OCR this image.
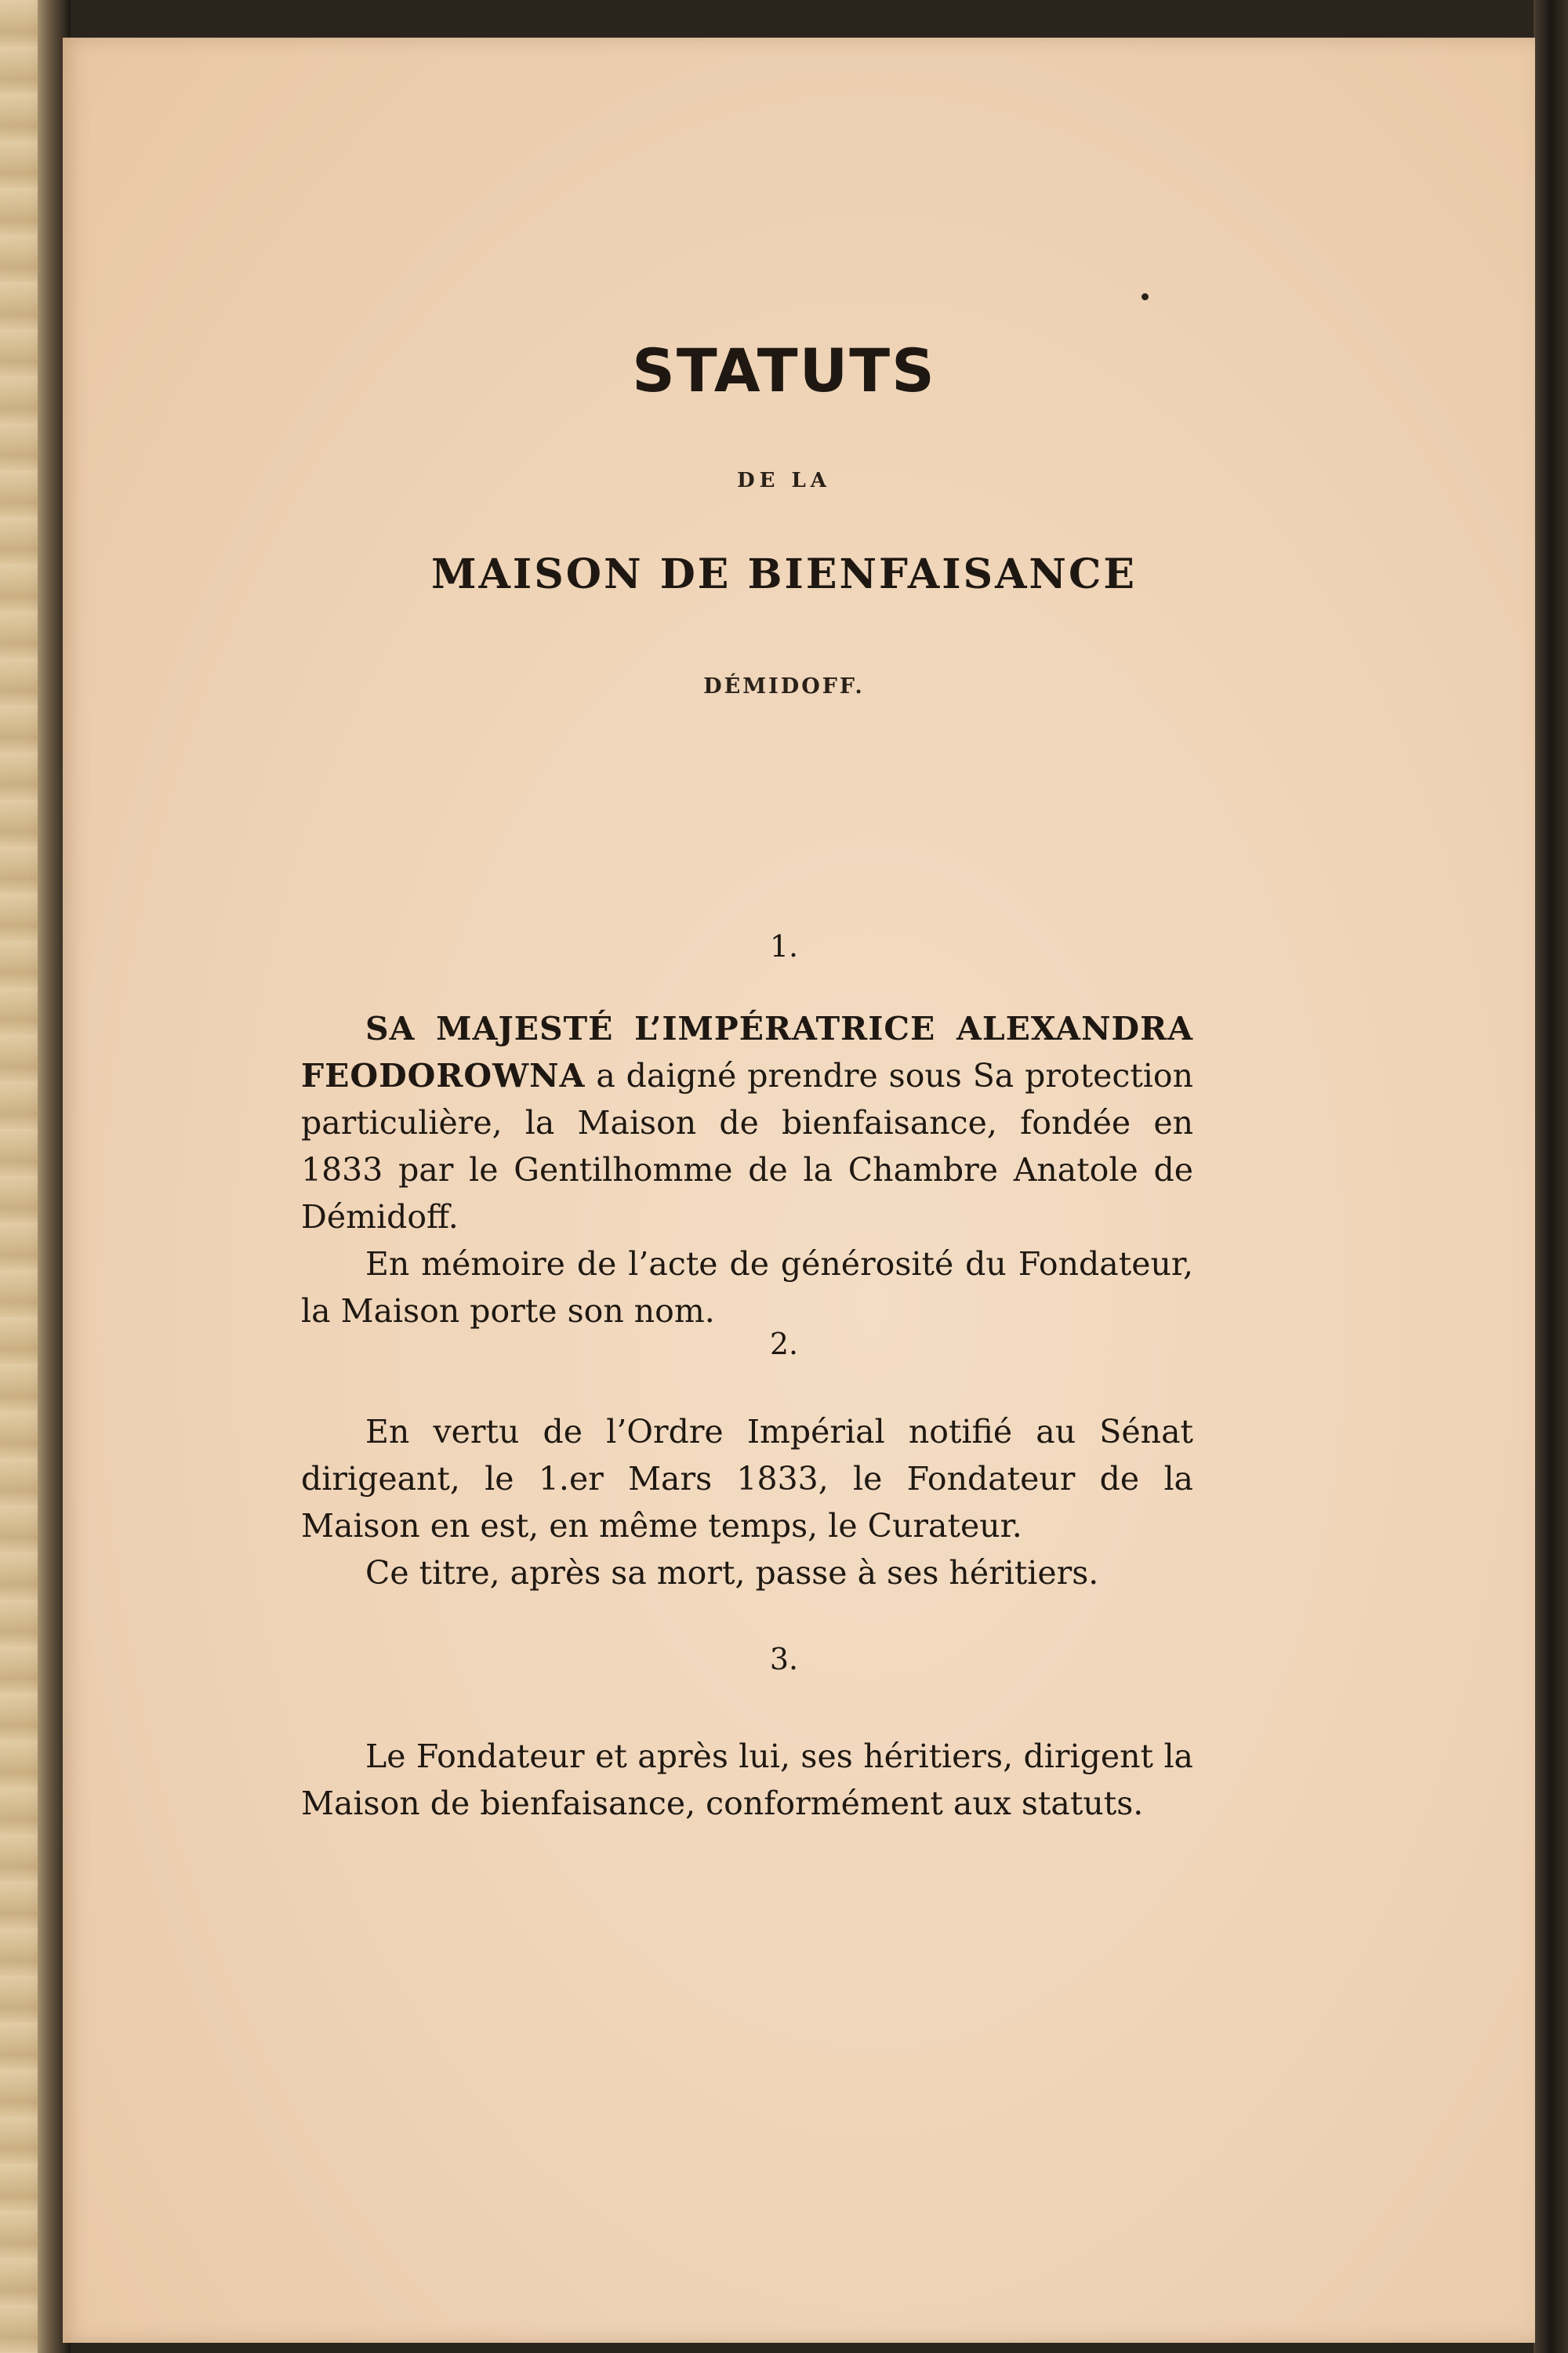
STATUTS
DE LA
MAISON DE BIENFAISANCE
DÉMIDOFF.
1.

SA MAJESTÉ L’IMPÉRATRICE ALEXANDRA FEODOROWNA a daigné prendre sous Sa protection particulière, la Maison de bienfaisance, fondée en 1833 par le Gentilhomme de la Chambre Anatole de Démidoff.

En mémoire de l’acte de générosité du Fondateur, la Maison porte son nom.

2.

En vertu de l’Ordre Impérial notifié au Sénat dirigeant, le 1.er Mars 1833, le Fondateur de la Maison en est, en même temps, le Curateur.

Ce titre, après sa mort, passe à ses héritiers.

3.

Le Fondateur et après lui, ses héritiers, dirigent la Maison de bienfaisance, conformément aux statuts.
